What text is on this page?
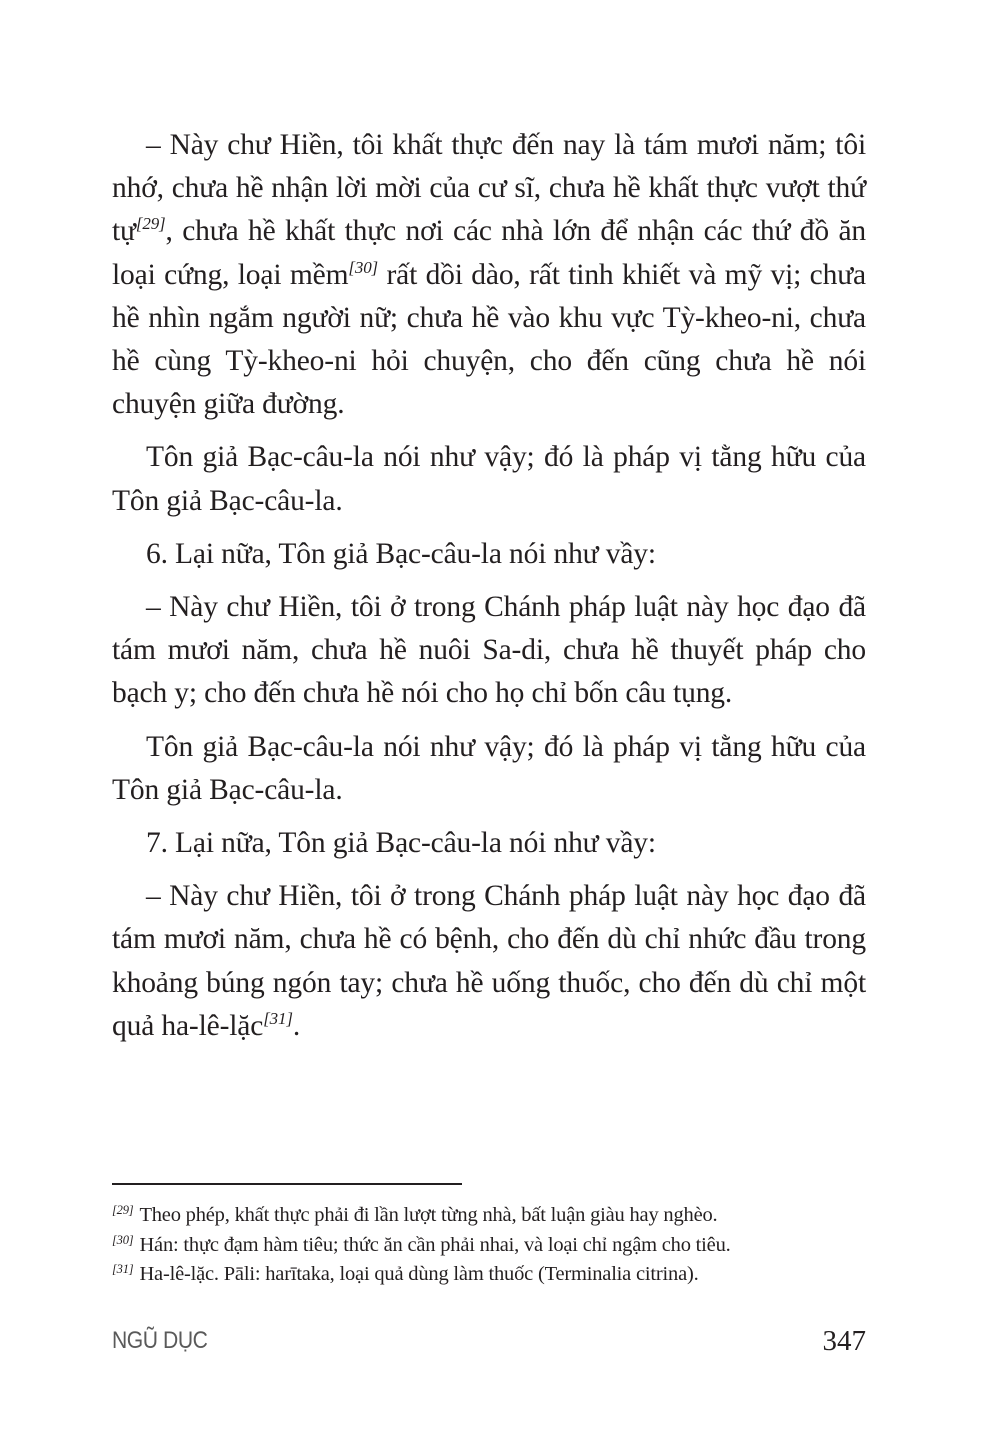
– Này chư Hiền, tôi khất thực đến nay là tám mươi năm; tôi nhớ, chưa hề nhận lời mời của cư sĩ, chưa hề khất thực vượt thứ tự[29], chưa hề khất thực nơi các nhà lớn để nhận các thứ đồ ăn loại cứng, loại mềm[30] rất dồi dào, rất tinh khiết và mỹ vị; chưa hề nhìn ngắm người nữ; chưa hề vào khu vực Tỳ-kheo-ni, chưa hề cùng Tỳ-kheo-ni hỏi chuyện, cho đến cũng chưa hề nói chuyện giữa đường.

Tôn giả Bạc-câu-la nói như vậy; đó là pháp vị tằng hữu của Tôn giả Bạc-câu-la.

6. Lại nữa, Tôn giả Bạc-câu-la nói như vầy:

– Này chư Hiền, tôi ở trong Chánh pháp luật này học đạo đã tám mươi năm, chưa hề nuôi Sa-di, chưa hề thuyết pháp cho bạch y; cho đến chưa hề nói cho họ chỉ bốn câu tụng.

Tôn giả Bạc-câu-la nói như vậy; đó là pháp vị tằng hữu của Tôn giả Bạc-câu-la.

7. Lại nữa, Tôn giả Bạc-câu-la nói như vầy:

– Này chư Hiền, tôi ở trong Chánh pháp luật này học đạo đã tám mươi năm, chưa hề có bệnh, cho đến dù chỉ nhức đầu trong khoảng búng ngón tay; chưa hề uống thuốc, cho đến dù chỉ một quả ha-lê-lặc[31].

[29] Theo phép, khất thực phải đi lần lượt từng nhà, bất luận giàu hay nghèo.
[30] Hán: thực đạm hàm tiêu; thức ăn cần phải nhai, và loại chỉ ngậm cho tiêu.
[31] Ha-lê-lặc. Pāli: harītaka, loại quả dùng làm thuốc (Terminalia citrina).
NGŨ DỤC	347
